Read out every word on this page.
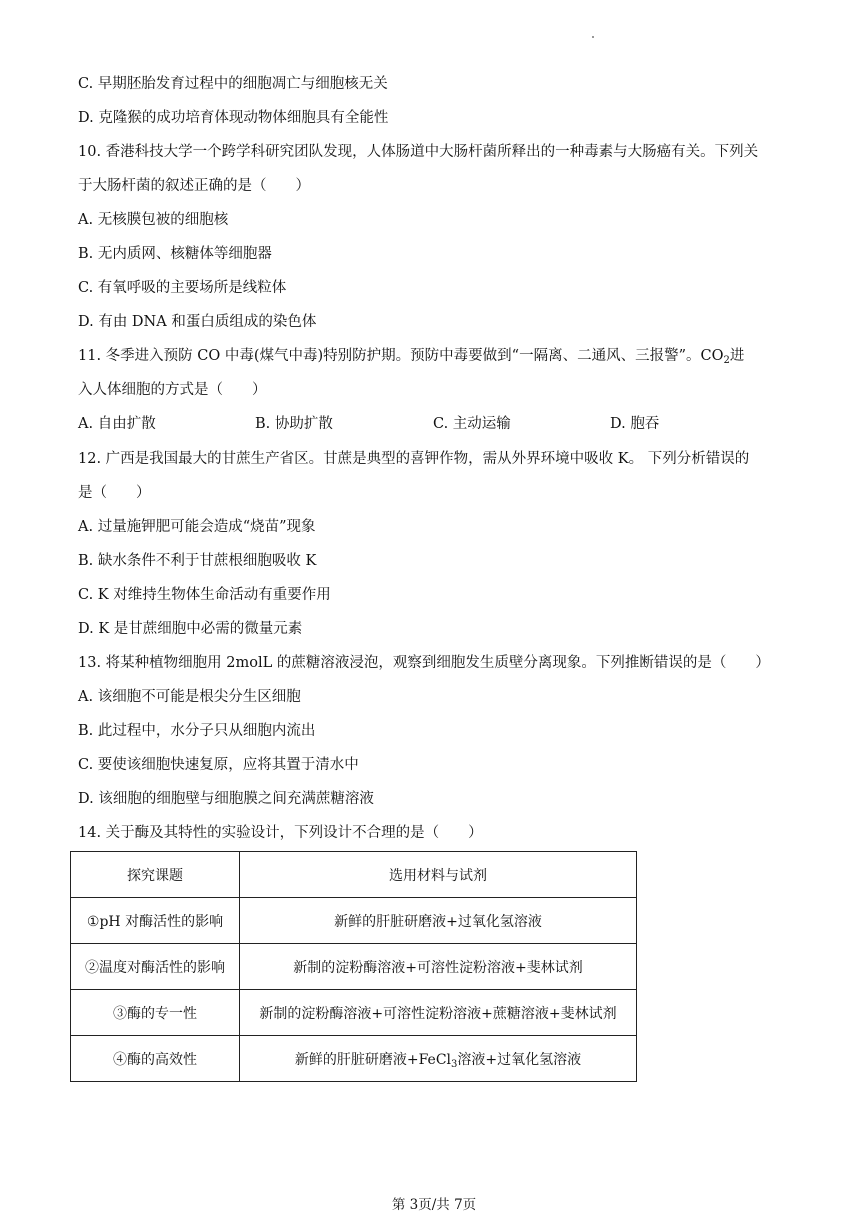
C. 早期胚胎发育过程中的细胞凋亡与细胞核无关
D. 克隆猴的成功培育体现动物体细胞具有全能性
10. 香港科技大学一个跨学科研究团队发现，人体肠道中大肠杆菌所释出的一种毒素与大肠癌有关。下列关
于大肠杆菌的叙述正确的是（　　）
A. 无核膜包被的细胞核
B. 无内质网、核糖体等细胞器
C. 有氧呼吸的主要场所是线粒体
D. 有由 DNA 和蛋白质组成的染色体
11. 冬季进入预防 CO 中毒(煤气中毒)特别防护期。预防中毒要做到“一隔离、二通风、三报警”。$CO_2$进
入人体细胞的方式是（　　）
A. 自由扩散	B. 协助扩散	C. 主动运输	D. 胞吞
12. 广西是我国最大的甘蔗生产省区。甘蔗是典型的喜钾作物，需从外界环境中吸收 K。 下列分析错误的
是（　　）
A. 过量施钾肥可能会造成“烧苗”现象
B. 缺水条件不利于甘蔗根细胞吸收 K
C. K 对维持生物体生命活动有重要作用
D. K 是甘蔗细胞中必需的微量元素
13. 将某种植物细胞用 2molL 的蔗糖溶液浸泡，观察到细胞发生质壁分离现象。下列推断错误的是（　　）
A. 该细胞不可能是根尖分生区细胞
B. 此过程中，水分子只从细胞内流出
C. 要使该细胞快速复原，应将其置于清水中
D. 该细胞的细胞壁与细胞膜之间充满蔗糖溶液
14. 关于酶及其特性的实验设计，下列设计不合理的是（　　）
探究课题	选用材料与试剂
①pH 对酶活性的影响	新鲜的肝脏研磨液+过氧化氢溶液
②温度对酶活性的影响	新制的淀粉酶溶液+可溶性淀粉溶液+斐林试剂
③酶的专一性	新制的淀粉酶溶液+可溶性淀粉溶液+蔗糖溶液+斐林试剂
④酶的高效性	新鲜的肝脏研磨液+FeCl$_3$溶液+过氧化氢溶液
第 3页/共 7页
